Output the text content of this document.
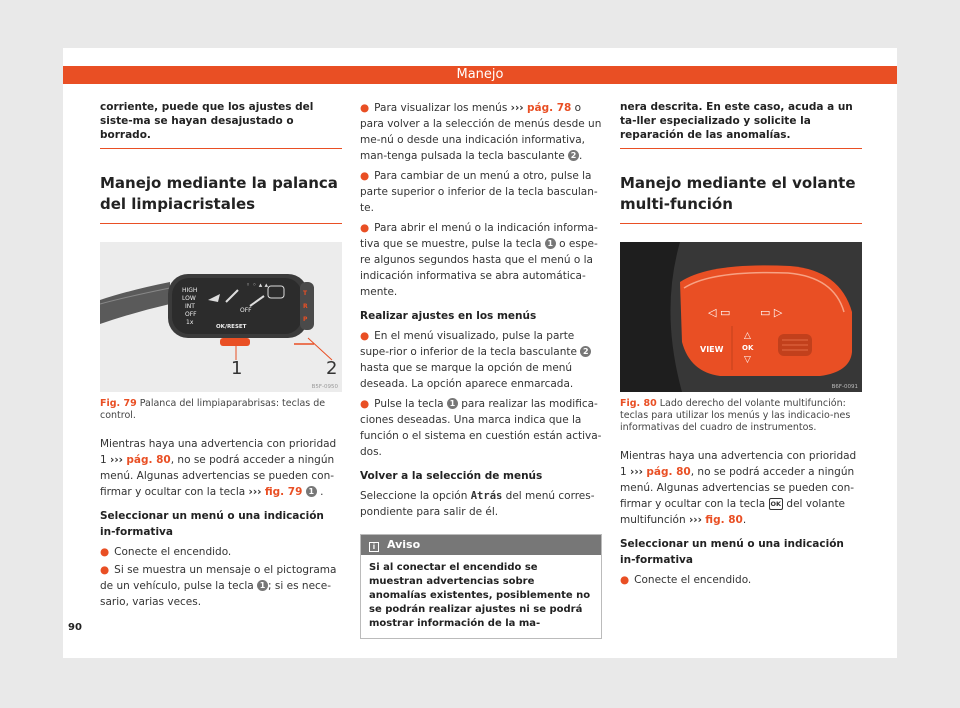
Manejo

corriente, puede que los ajustes del siste-ma se hayan desajustado o borrado.

Manejo mediante la palanca del limpiacristales
HIGH
LOW
INT
OFF
1x
OFF
OK/RESET
◦ ◦ ▴ ▴
T
R
P
1	2
B5F-0950

Fig. 79 Palanca del limpiaparabrisas: teclas de control.

Mientras haya una advertencia con prioridad 1 ››› pág. 80, no se podrá acceder a ningún menú. Algunas advertencias se pueden con-firmar y ocultar con la tecla ››› fig. 79 1 .

Seleccionar un menú o una indicación in-formativa

● Conecte el encendido.

● Si se muestra un mensaje o el pictograma de un vehículo, pulse la tecla 1 ; si es nece-sario, varias veces.

● Para visualizar los menús ››› pág. 78 o para volver a la selección de menús desde un me-nú o desde una indicación informativa, man-tenga pulsada la tecla basculante 2 .

● Para cambiar de un menú a otro, pulse la parte superior o inferior de la tecla basculan-te.

● Para abrir el menú o la indicación informa-tiva que se muestre, pulse la tecla 1 o espe-re algunos segundos hasta que el menú o la indicación informativa se abra automática-mente.

Realizar ajustes en los menús

● En el menú visualizado, pulse la parte supe-rior o inferior de la tecla basculante 2 hasta que se marque la opción de menú deseada. La opción aparece enmarcada.

● Pulse la tecla 1 para realizar las modifica-ciones deseadas. Una marca indica que la función o el sistema en cuestión están activa-dos.

Volver a la selección de menús

Seleccione la opción Atrás del menú corres-pondiente para salir de él.

i Aviso

Si al conectar el encendido se muestran advertencias sobre anomalías existentes, posiblemente no se podrán realizar ajustes ni se podrá mostrar información de la ma-

nera descrita. En este caso, acuda a un ta-ller especializado y solicite la reparación de las anomalías.

Manejo mediante el volante multi-función
◁ ▭	▭ ▷
VIEW
△
OK
▽
B6F-0091

Fig. 80 Lado derecho del volante multifunción: teclas para utilizar los menús y las indicacio-nes informativas del cuadro de instrumentos.

Mientras haya una advertencia con prioridad 1 ››› pág. 80, no se podrá acceder a ningún menú. Algunas advertencias se pueden con-firmar y ocultar con la tecla OK del volante multifunción ››› fig. 80.

Seleccionar un menú o una indicación in-formativa

● Conecte el encendido.

90
